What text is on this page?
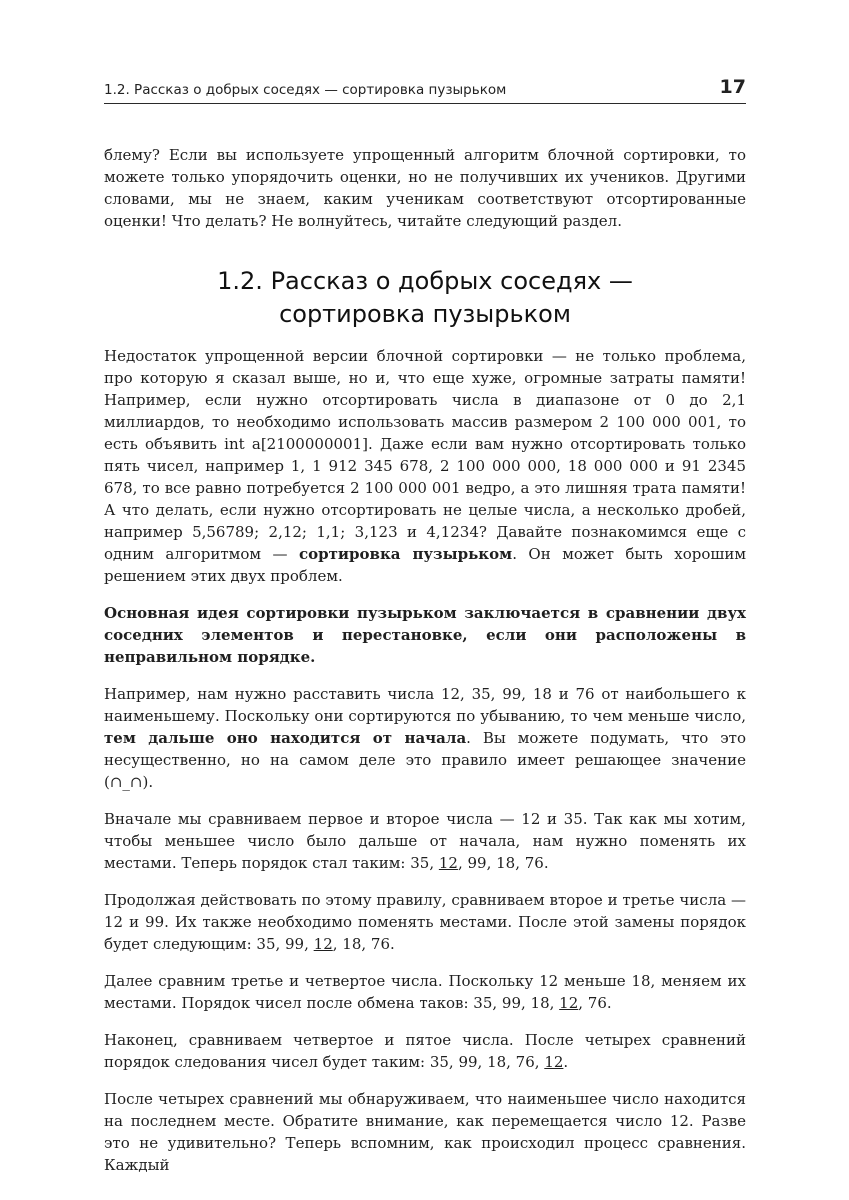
1.2. Рассказ о добрых соседях — сортировка пузырьком	17

блему? Если вы используете упрощенный алгоритм блочной сортировки, то можете только упорядочить оценки, но не получивших их учеников. Другими словами, мы не знаем, каким ученикам соответствуют отсортированные оценки! Что делать? Не волнуйтесь, читайте следующий раздел.

1.2. Рассказ о добрых соседях —
сортировка пузырьком

Недостаток упрощенной версии блочной сортировки — не только проблема, про которую я сказал выше, но и, что еще хуже, огромные затраты памяти! Например, если нужно отсортировать числа в диапазоне от 0 до 2,1 миллиардов, то необходимо использовать массив размером 2 100 000 001, то есть объявить int a[2100000001]. Даже если вам нужно отсортировать только пять чисел, например 1, 1 912 345 678, 2 100 000 000, 18 000 000 и 91 2345 678, то все равно потребуется 2 100 000 001 ведро, а это лишняя трата памяти! А что делать, если нужно отсортировать не целые числа, а несколько дробей, например 5,56789; 2,12; 1,1; 3,123 и 4,1234? Давайте познакомимся еще с одним алгоритмом — сортировка пузырьком. Он может быть хорошим решением этих двух проблем.

Основная идея сортировки пузырьком заключается в сравнении двух соседних элементов и перестановке, если они расположены в неправильном порядке.

Например, нам нужно расставить числа 12, 35, 99, 18 и 76 от наибольшего к наименьшему. Поскольку они сортируются по убыванию, то чем меньше число, тем дальше оно находится от начала. Вы можете подумать, что это несущественно, но на самом деле это правило имеет решающее значение (∩_∩).

Вначале мы сравниваем первое и второе числа — 12 и 35. Так как мы хотим, чтобы меньшее число было дальше от начала, нам нужно поменять их местами. Теперь порядок стал таким: 35, 12, 99, 18, 76.

Продолжая действовать по этому правилу, сравниваем второе и третье числа — 12 и 99. Их также необходимо поменять местами. После этой замены порядок будет следующим: 35, 99, 12, 18, 76.

Далее сравним третье и четвертое числа. Поскольку 12 меньше 18, меняем их местами. Порядок чисел после обмена таков: 35, 99, 18, 12, 76.

Наконец, сравниваем четвертое и пятое числа. После четырех сравнений порядок следования чисел будет таким: 35, 99, 18, 76, 12.

После четырех сравнений мы обнаруживаем, что наименьшее число находится на последнем месте. Обратите внимание, как перемещается число 12. Разве это не удивительно? Теперь вспомним, как происходил процесс сравнения. Каждый
